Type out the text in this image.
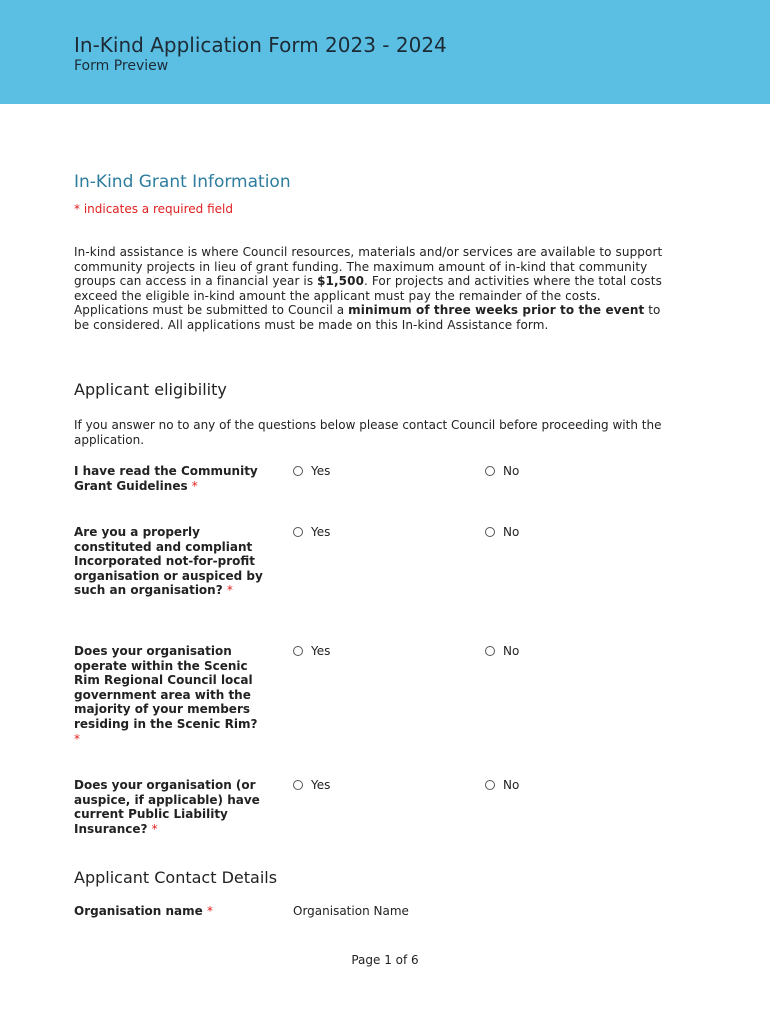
In-Kind Application Form 2023 - 2024
Form Preview
In-Kind Grant Information
* indicates a required field
In-kind assistance is where Council resources, materials and/or services are available to support community projects in lieu of grant funding. The maximum amount of in-kind that community groups can access in a financial year is $1,500. For projects and activities where the total costs exceed the eligible in-kind amount the applicant must pay the remainder of the costs. Applications must be submitted to Council a minimum of three weeks prior to the event to be considered. All applications must be made on this In-kind Assistance form.
Applicant eligibility
If you answer no to any of the questions below please contact Council before proceeding with the application.
I have read the Community Grant Guidelines *
Yes	No
Are you a properly constituted and compliant Incorporated not-for-profit organisation or auspiced by such an organisation? *
Yes	No
Does your organisation operate within the Scenic Rim Regional Council local government area with the majority of your members residing in the Scenic Rim? *
Yes	No
Does your organisation (or auspice, if applicable) have current Public Liability Insurance? *
Yes	No
Applicant Contact Details
Organisation name *	Organisation Name
Page 1 of 6
